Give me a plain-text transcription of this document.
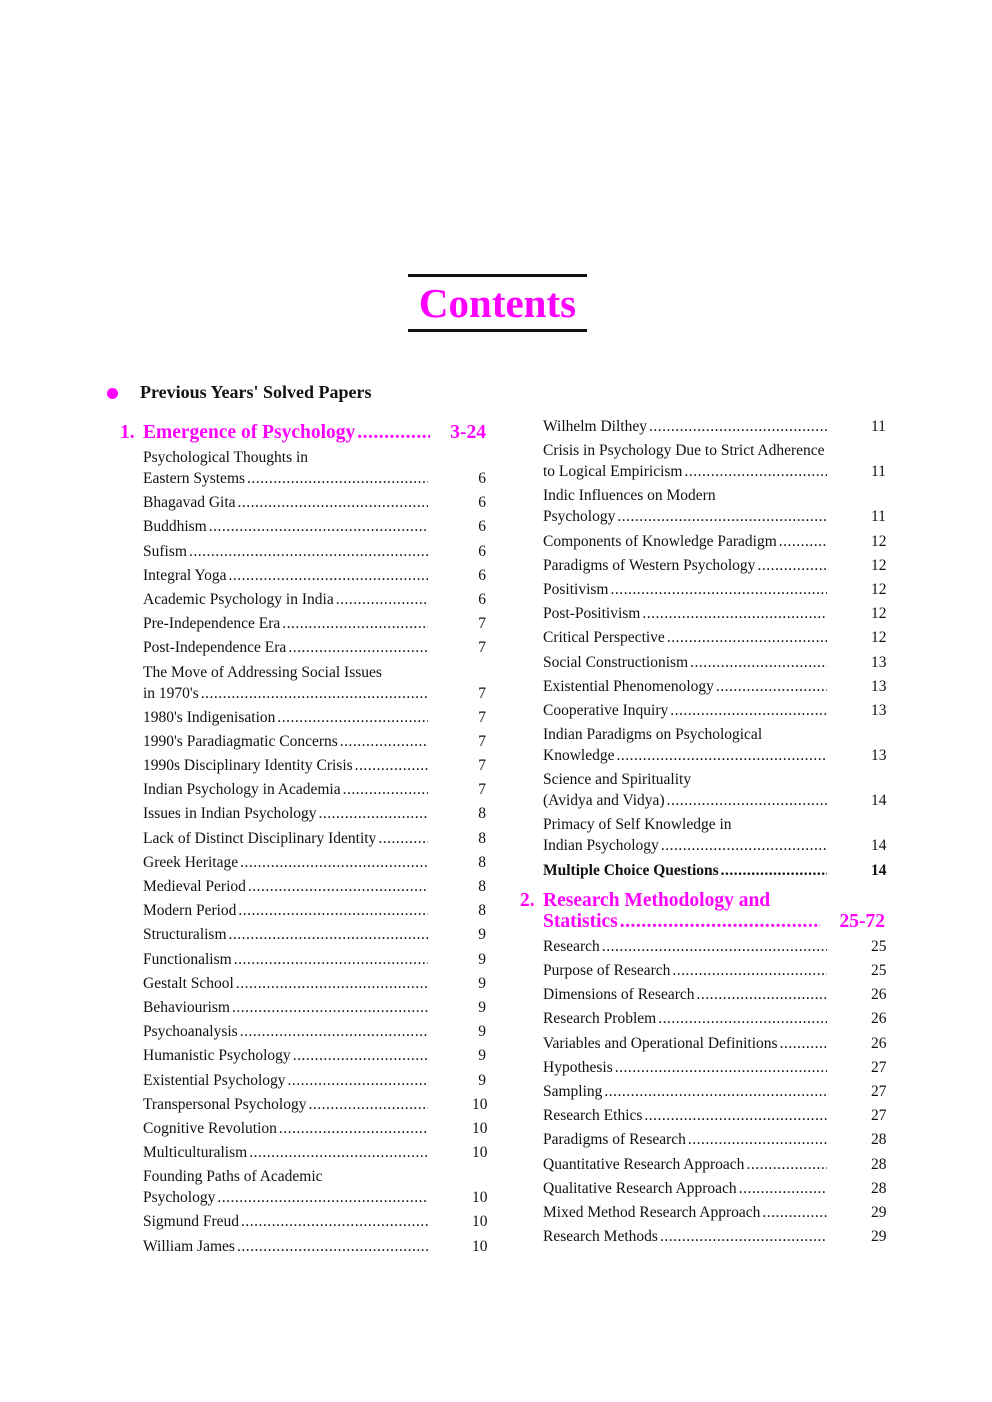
Contents
Previous Years' Solved Papers
1. Emergence of Psychology .....	3-24
Psychological Thoughts in
Eastern Systems .....	6
Bhagavad Gita .....	6
Buddhism .....	6
Sufism .....	6
Integral Yoga .....	6
Academic Psychology in India .....	6
Pre-Independence Era .....	7
Post-Independence Era .....	7
The Move of Addressing Social Issues
in 1970's .....	7
1980's Indigenisation .....	7
1990's Paradiagmatic Concerns .....	7
1990s Disciplinary Identity Crisis .....	7
Indian Psychology in Academia .....	7
Issues in Indian Psychology .....	8
Lack of Distinct Disciplinary Identity .....	8
Greek Heritage .....	8
Medieval Period .....	8
Modern Period .....	8
Structuralism .....	9
Functionalism .....	9
Gestalt School .....	9
Behaviourism .....	9
Psychoanalysis .....	9
Humanistic Psychology .....	9
Existential Psychology .....	9
Transpersonal Psychology .....	10
Cognitive Revolution .....	10
Multiculturalism .....	10
Founding Paths of Academic
Psychology .....	10
Sigmund Freud .....	10
William James .....	10
Wilhelm Dilthey .....	11
Crisis in Psychology Due to Strict Adherence
to Logical Empiricism .....	11
Indic Influences on Modern
Psychology .....	11
Components of Knowledge Paradigm .....	12
Paradigms of Western Psychology .....	12
Positivism .....	12
Post-Positivism .....	12
Critical Perspective .....	12
Social Constructionism .....	13
Existential Phenomenology .....	13
Cooperative Inquiry .....	13
Indian Paradigms on Psychological
Knowledge .....	13
Science and Spirituality
(Avidya and Vidya) .....	14
Primacy of Self Knowledge in
Indian Psychology .....	14
Multiple Choice Questions .....	14
2. Research Methodology and
Statistics .....	25-72
Research .....	25
Purpose of Research .....	25
Dimensions of Research .....	26
Research Problem .....	26
Variables and Operational Definitions .....	26
Hypothesis .....	27
Sampling .....	27
Research Ethics .....	27
Paradigms of Research .....	28
Quantitative Research Approach .....	28
Qualitative Research Approach .....	28
Mixed Method Research Approach .....	29
Research Methods .....	29
